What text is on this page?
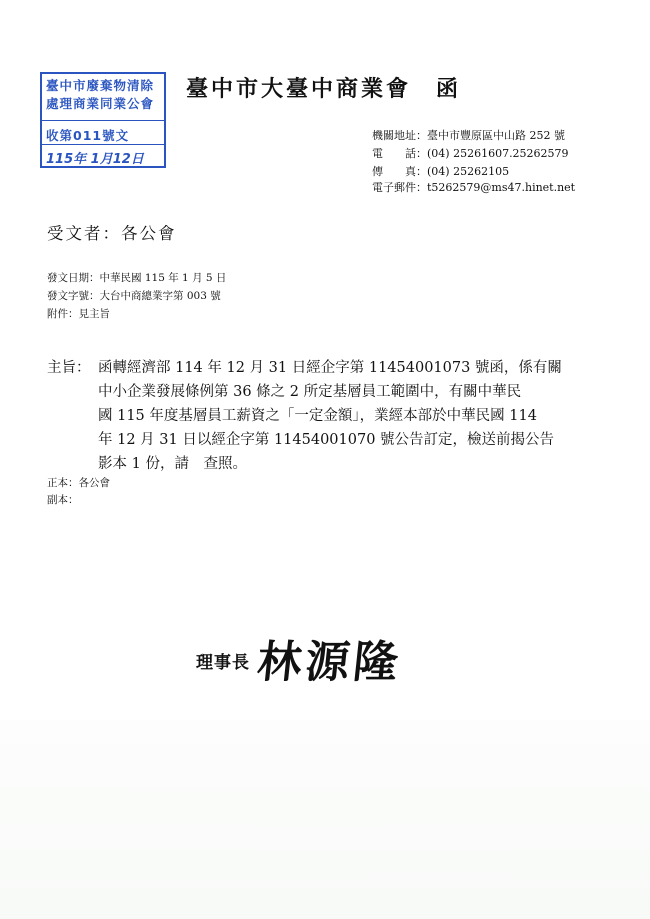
臺中市廢棄物清除
處理商業同業公會
收第011號文
115年 1月12日
臺中市大臺中商業會　函
機關地址：臺中市豐原區中山路 252 號
電　　話：(04) 25261607.25262579
傳　　真：(04) 25262105
電子郵件：t5262579@ms47.hinet.net
受文者：各公會
發文日期：中華民國 115 年 1 月 5 日
發文字號：大台中商總業字第 003 號
附件：見主旨
主旨： 函轉經濟部 114 年 12 月 31 日經企字第 11454001073 號函，係有關
中小企業發展條例第 36 條之 2 所定基層員工範圍中，有關中華民
國 115 年度基層員工薪資之「一定金額」，業經本部於中華民國 114
年 12 月 31 日以經企字第 11454001070 號公告訂定，檢送前揭公告
影本 1 份，請　查照。
正本：各公會
副本：
理事長 林源隆
